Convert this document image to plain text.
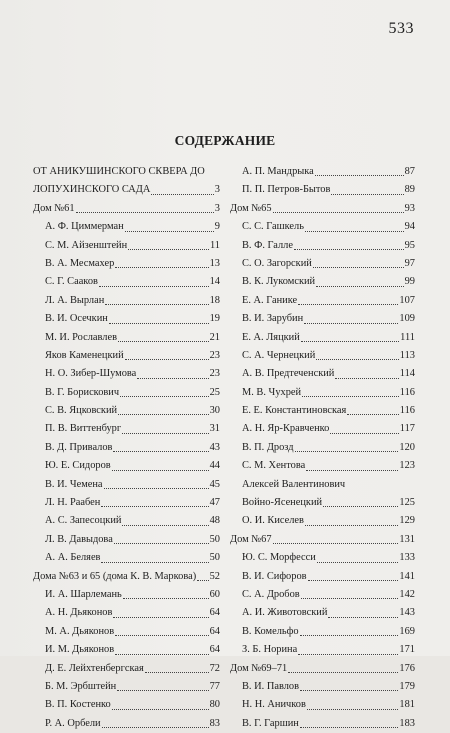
533
СОДЕРЖАНИЕ
ОТ АНИКУШИНСКОГО СКВЕРА ДО
ЛОПУХИНСКОГО САДА	3
Дом №61	3
А. Ф. Циммерман	9
С. М. Айзенштейн	11
В. А. Месмахер	13
С. Г. Сааков	14
Л. А. Вырлан	18
В. И. Осечкин	19
М. И. Рославлев	21
Яков Каменецкий	23
Н. О. Зибер-Шумова	23
В. Г. Борискович	25
С. В. Яцковский	30
П. В. Виттенбург	31
В. Д. Привалов	43
Ю. Е. Сидоров	44
В. И. Чемена	45
Л. Н. Раабен	47
А. С. Запесоцкий	48
Л. В. Давыдова	50
А. А. Беляев	50
Дома №63 и 65 (дома К. В. Маркова) 52
И. А. Шарлемань	60
А. Н. Дьяконов	64
М. А. Дьяконов	64
И. М. Дьяконов	64
Д. Е. Лейхтенбергская	72
Б. М. Эрбштейн	77
В. П. Костенко	80
Р. А. Орбели	83
А. П. Мандрыка	87
П. П. Петров-Бытов	89
Дом №65	93
С. С. Гашкель	94
В. Ф. Галле	95
С. О. Загорский	97
В. К. Лукомский	99
Е. А. Ганике	107
В. И. Зарубин	109
Е. А. Ляцкий	111
С. А. Чернецкий	113
А. В. Предтеченский	114
М. В. Чухрей	116
Е. Е. Константиновская	116
А. Н. Яр-Кравченко	117
В. П. Дрозд	120
С. М. Хентова	123
Алексей Валентинович
Войно-Ясенецкий	125
О. И. Киселев	129
Дом №67	131
Ю. С. Морфесси	133
В. И. Сифоров	141
С. А. Дробов	142
А. И. Животовский	143
В. Комельфо	169
З. Б. Норина	171
Дом №69–71	176
В. И. Павлов	179
Н. Н. Аничков	181
В. Г. Гаршин	183
